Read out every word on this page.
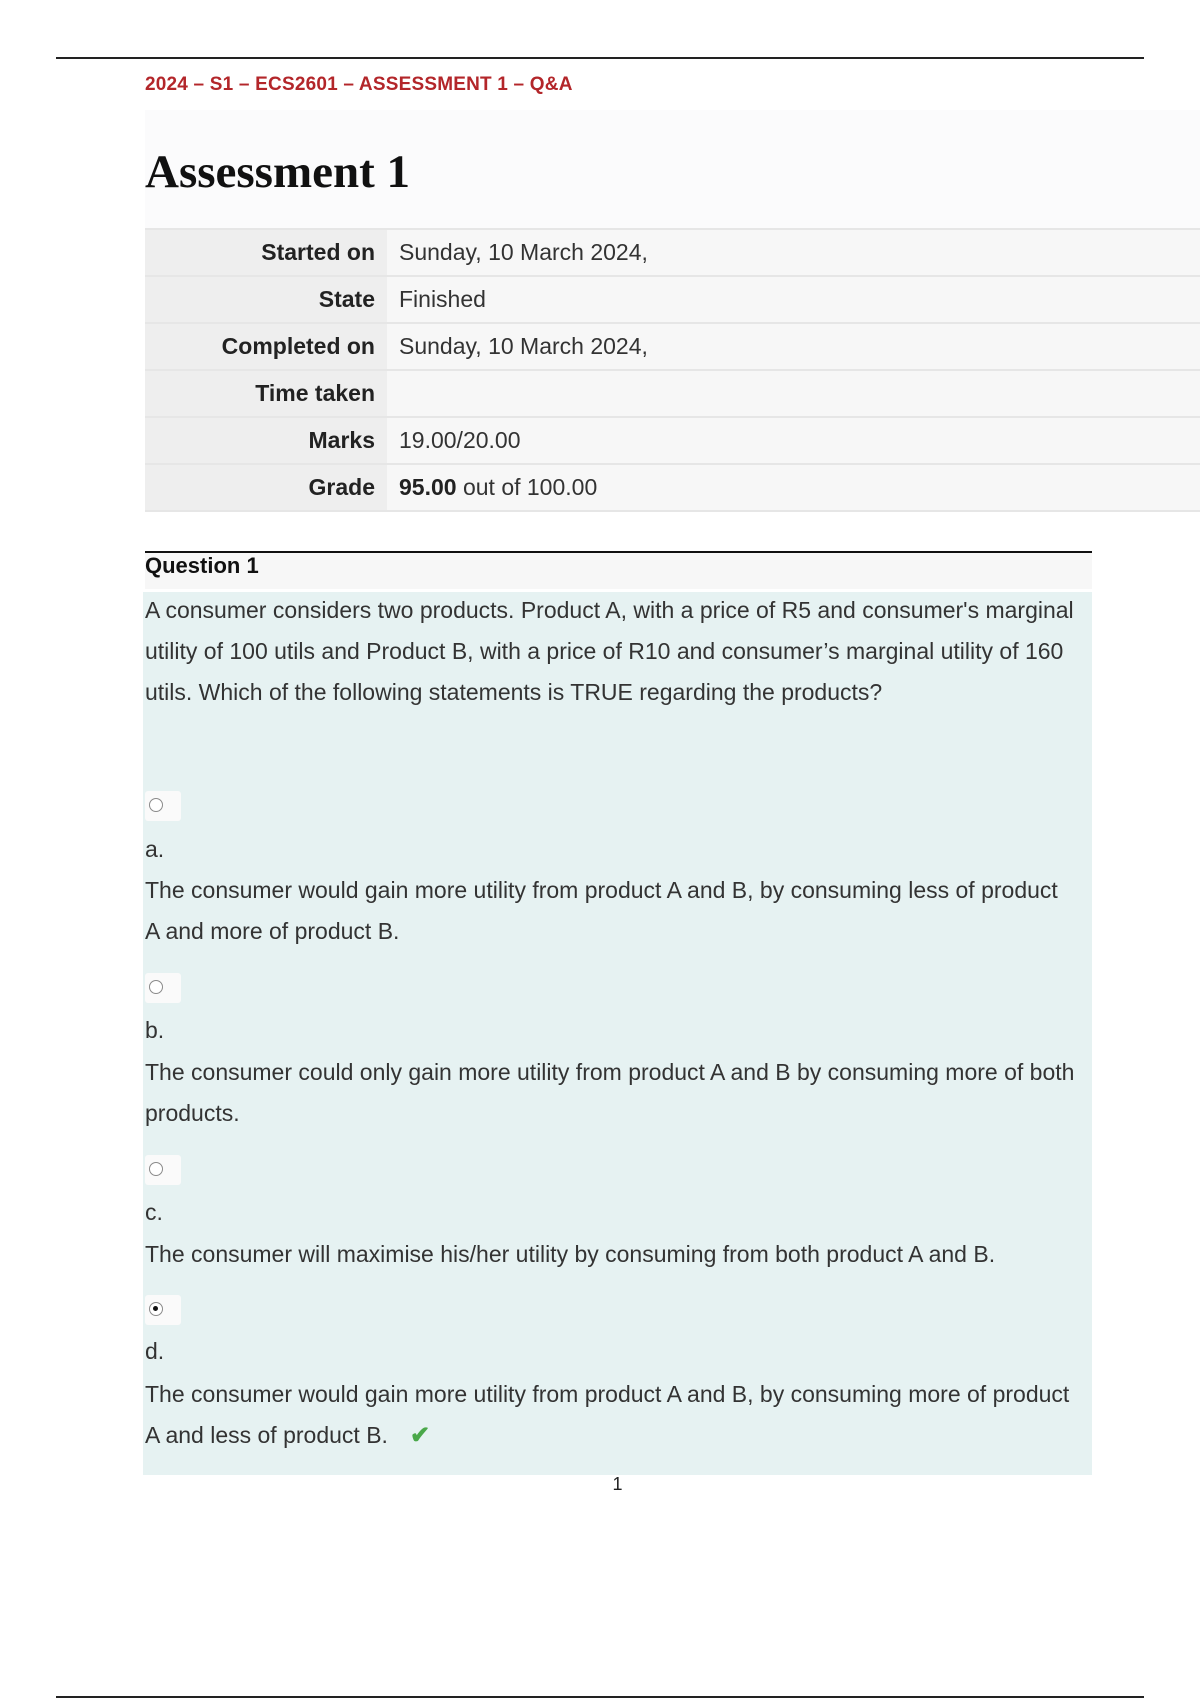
2024 – S1 – ECS2601 – ASSESSMENT 1 – Q&A
Assessment 1
Started on	Sunday, 10 March 2024,
State	Finished
Completed on	Sunday, 10 March 2024,
Time taken	
Marks	19.00/20.00
Grade	95.00 out of 100.00
Question 1

A consumer considers two products. Product A, with a price of R5 and consumer's marginal utility of 100 utils and Product B, with a price of R10 and consumer’s marginal utility of 160 utils. Which of the following statements is TRUE regarding the products?

a.
The consumer would gain more utility from product A and B, by consuming less of product A and more of product B.
b.
The consumer could only gain more utility from product A and B by consuming more of both products.
c.
The consumer will maximise his/her utility by consuming from both product A and B.
d.
The consumer would gain more utility from product A and B, by consuming more of product A and less of product B. ✔
1
